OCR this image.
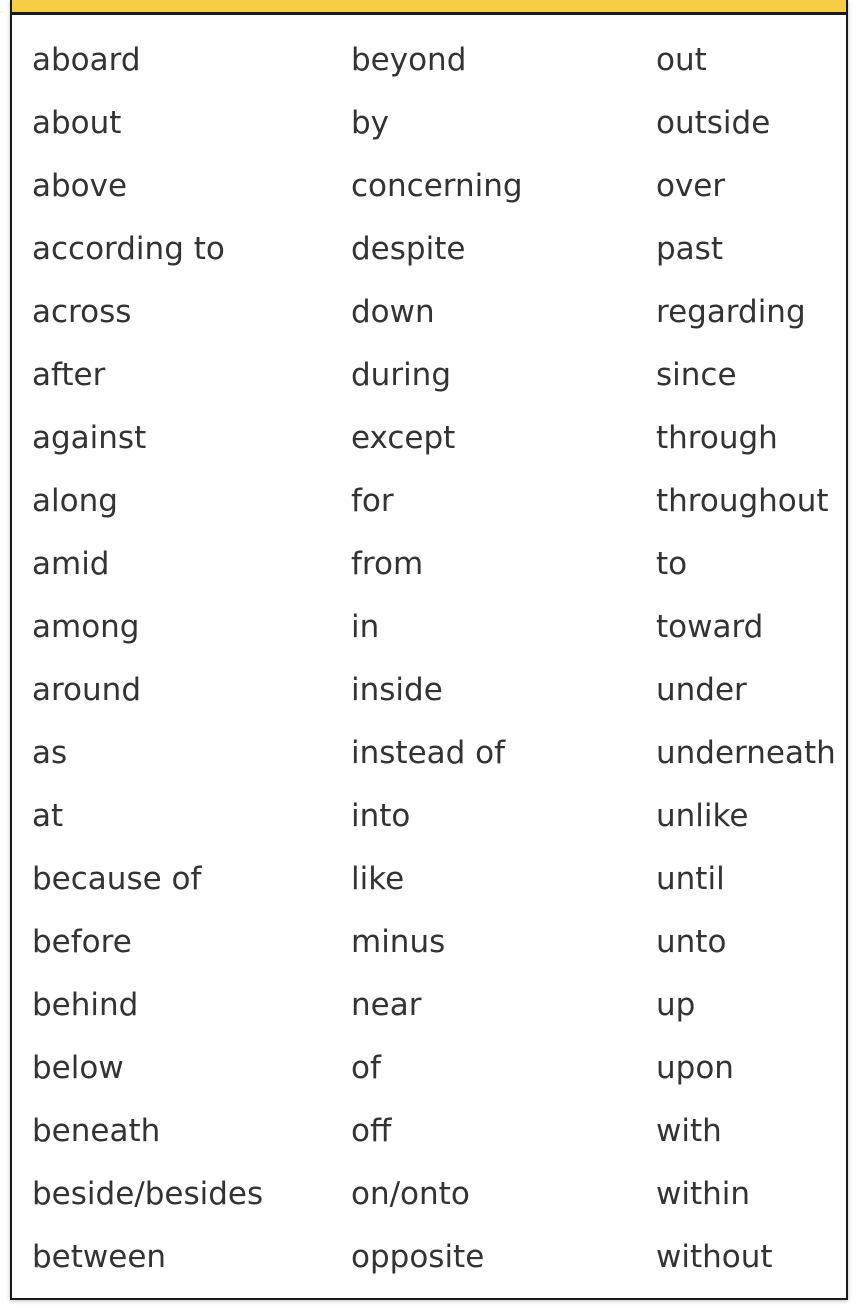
aboard	beyond	out
about	by	outside
above	concerning	over
according to	despite	past
across	down	regarding
after	during	since
against	except	through
along	for	throughout
amid	from	to
among	in	toward
around	inside	under
as	instead of	underneath
at	into	unlike
because of	like	until
before	minus	unto
behind	near	up
below	of	upon
beneath	off	with
beside/besides	on/onto	within
between	opposite	without
